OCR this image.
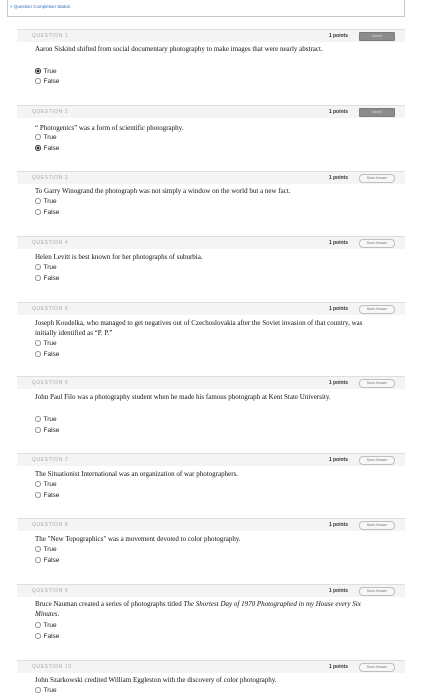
× Question Completion Status:
QUESTION 1	1 points	Saved
Aaron Siskind shifted from social documentary photography to make images that were nearly abstract.
True
False
QUESTION 2	1 points	Saved
“ Photogenics” was a form of scientific photography.
True
False
QUESTION 3	1 points	Save Answer
To Garry Winogrand the photograph was not simply a window on the world but a new fact.
True
False
QUESTION 4	1 points	Save Answer
Helen Levitt is best known for her photographs of suburbia.
True
False
QUESTION 5	1 points	Save Answer
Joseph Koudelka, who managed to get negatives out of Czechoslovakia after the Soviet invasion of that country, was initially identified as “P. P.”
True
False
QUESTION 6	1 points	Save Answer
John Paul Filo was a photography student when he made his famous photograph at Kent State University.
True
False
QUESTION 7	1 points	Save Answer
The Situationist International was an organization of war photographers.
True
False
QUESTION 8	1 points	Save Answer
The "New Topographics" was a movement devoted to color photography.
True
False
QUESTION 9	1 points	Save Answer
Bruce Nauman created a series of photographs titled The Shortest Day of 1970 Photographed in my House every Six Minutes.
True
False
QUESTION 10	1 points	Save Answer
John Szarkowski credited William Eggleston with the discovery of color photography.
True
